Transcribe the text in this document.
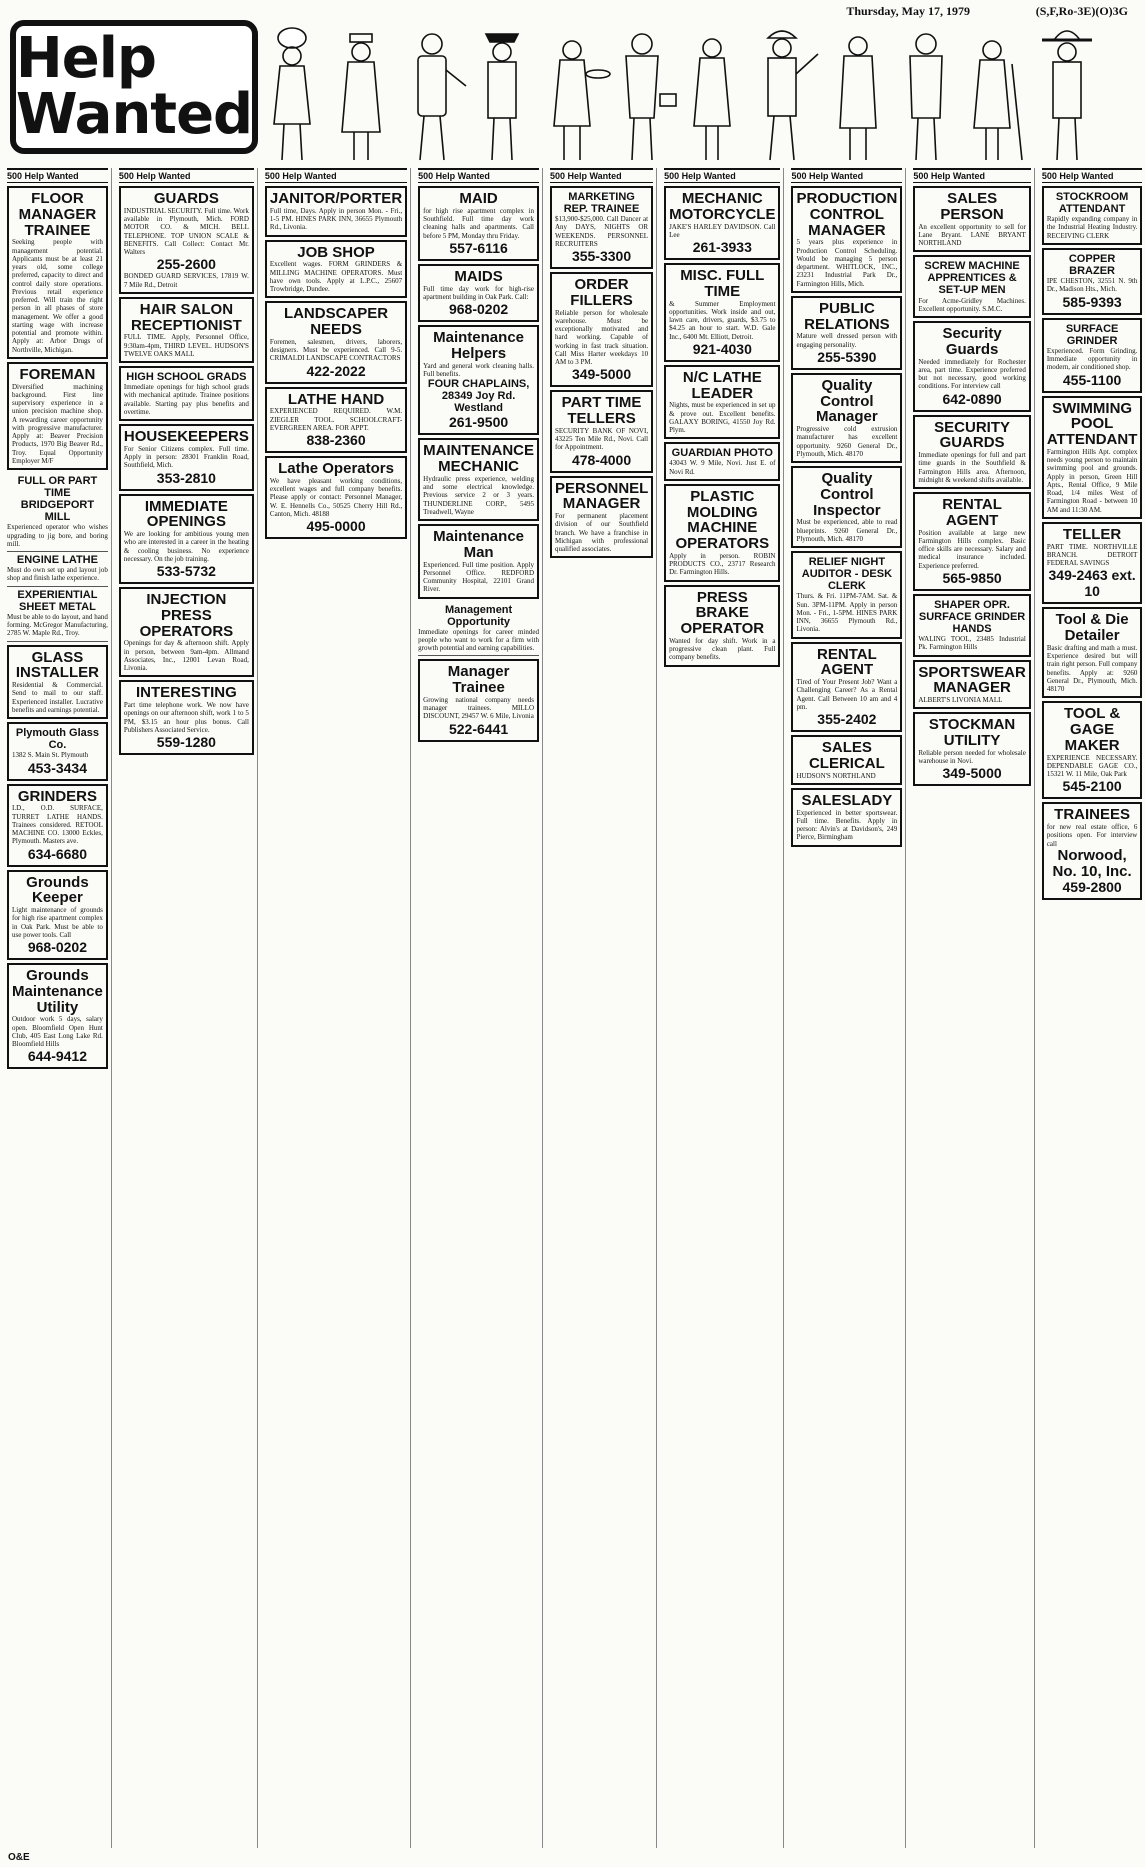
Help Wanted
Thursday, May 17, 1979	(S,F,Ro-3E)(O)3G
500 Help Wanted
FLOOR MANAGER TRAINEE
Seeking people with management potential. Applicants must be at least 21 years old, some college preferred, capacity to direct and control daily store operations. Previous retail experience preferred. Will train the right person in all phases of store management. We offer a good starting wage with increase potential and promote within. Apply at: Arbor Drugs of Northville, Michigan.
FOREMAN
Diversified machining background. First line supervisory experience in a union precision machine shop. A rewarding career opportunity with progressive manufacturer. Apply at: Beaver Precision Products, 1970 Big Beaver Rd., Troy. Equal Opportunity Employer M/F
FULL OR PART TIME BRIDGEPORT MILL
Experienced operator who wishes upgrading to jig bore, and boring mill.
ENGINE LATHE
Must do own set up and layout job shop and finish lathe experience.
EXPERIENTIAL SHEET METAL
Must be able to do layout, and hand forming. McGregor Manufacturing, 2785 W. Maple Rd., Troy.
GLASS INSTALLER
Residential & Commercial. Send to mail to our staff. Experienced installer. Lucrative benefits and earnings potential.
Plymouth Glass Co.
1382 S. Main St. Plymouth
453-3434
GRINDERS
I.D., O.D. SURFACE, TURRET LATHE HANDS. Trainees considered. RETOOL MACHINE CO. 13000 Eckles, Plymouth. Masters ave.
634-6680
Grounds Keeper
Light maintenance of grounds for high rise apartment complex in Oak Park. Must be able to use power tools. Call
968-0202
Grounds Maintenance Utility
Outdoor work 5 days, salary open. Bloomfield Open Hunt Club, 405 East Long Lake Rd. Bloomfield Hills
644-9412
500 Help Wanted
GUARDS
INDUSTRIAL SECURITY. Full time. Work available in Plymouth, Mich. FORD MOTOR CO. & MICH. BELL TELEPHONE. TOP UNION SCALE & BENEFITS. Call Collect: Contact Mr. Walters
255-2600
BONDED GUARD SERVICES, 17819 W. 7 Mile Rd., Detroit
HAIR SALON RECEPTIONIST
FULL TIME. Apply, Personnel Office, 9:30am-4pm, THIRD LEVEL. HUDSON'S TWELVE OAKS MALL
HIGH SCHOOL GRADS
Immediate openings for high school grads with mechanical aptitude. Trainee positions available. Starting pay plus benefits and overtime.
HOUSEKEEPERS
For Senior Citizens complex. Full time. Apply in person: 28301 Franklin Road, Southfield, Mich.
353-2810
IMMEDIATE OPENINGS
We are looking for ambitious young men who are interested in a career in the heating & cooling business. No experience necessary. On the job training.
533-5732
INJECTION PRESS OPERATORS
Openings for day & afternoon shift. Apply in person, between 9am-4pm. Allmand Associates, Inc., 12001 Levan Road, Livonia.
INTERESTING
Part time telephone work. We now have openings on our afternoon shift, work 1 to 5 PM, $3.15 an hour plus bonus. Call Publishers Associated Service.
559-1280
500 Help Wanted
JANITOR/PORTER
Full time, Days. Apply in person Mon. - Fri., 1-5 PM. HINES PARK INN, 36655 Plymouth Rd., Livonia.
JOB SHOP
Excellent wages. FORM GRINDERS & MILLING MACHINE OPERATORS. Must have own tools. Apply at L.P.C., 25607 Trowbridge, Dundee.
LANDSCAPER NEEDS
Foremen, salesmen, drivers, laborers, designers. Must be experienced. Call 9-5. CRIMALDI LANDSCAPE CONTRACTORS
422-2022
LATHE HAND
EXPERIENCED REQUIRED. W.M. ZIEGLER TOOL. SCHOOLCRAFT-EVERGREEN AREA. FOR APPT.
838-2360
Lathe Operators
We have pleasant working conditions, excellent wages and full company benefits. Please apply or contact: Personnel Manager, W. E. Hennells Co., 50525 Cherry Hill Rd., Canton, Mich. 48188
495-0000
500 Help Wanted
MAID
for high rise apartment complex in Southfield. Full time day work cleaning halls and apartments. Call before 5 PM, Monday thru Friday.
557-6116
MAIDS
Full time day work for high-rise apartment building in Oak Park. Call:
968-0202
Maintenance Helpers
Yard and general work cleaning halls. Full benefits.
FOUR CHAPLAINS, 28349 Joy Rd. Westland
261-9500
MAINTENANCE MECHANIC
Hydraulic press experience, welding and some electrical knowledge. Previous service 2 or 3 years. THUNDERLINE CORP., 5495 Treadwell, Wayne
Maintenance Man
Experienced. Full time position. Apply Personnel Office. REDFORD Community Hospital, 22101 Grand River.
Management Opportunity
Immediate openings for career minded people who want to work for a firm with growth potential and earning capabilities.
Manager Trainee
Growing national company needs manager trainees. MILLO DISCOUNT, 29457 W. 6 Mile, Livonia
522-6441
500 Help Wanted
MARKETING REP. TRAINEE
$13,900-$25,000. Call Dancer at Any DAYS, NIGHTS OR WEEKENDS. PERSONNEL RECRUITERS
355-3300
ORDER FILLERS
Reliable person for wholesale warehouse. Must be exceptionally motivated and hard working. Capable of working in fast track situation. Call Miss Harter weekdays 10 AM to 3 PM.
349-5000
PART TIME TELLERS
SECURITY BANK OF NOVI, 43225 Ten Mile Rd., Novi. Call for Appointment.
478-4000
PERSONNEL MANAGER
For permanent placement division of our Southfield branch. We have a franchise in Michigan with professional qualified associates.
500 Help Wanted
MECHANIC MOTORCYCLE
JAKE'S HARLEY DAVIDSON. Call Lee
261-3933
MISC. FULL TIME
& Summer Employment opportunities. Work inside and out, lawn care, drivers, guards, $3.75 to $4.25 an hour to start. W.D. Gale Inc., 6400 Mt. Elliott, Detroit.
921-4030
N/C LATHE LEADER
Nights, must be experienced in set up & prove out. Excellent benefits. GALAXY BORING, 41550 Joy Rd. Plym.
GUARDIAN PHOTO
43043 W. 9 Mile, Novi. Just E. of Novi Rd.
PLASTIC MOLDING MACHINE OPERATORS
Apply in person. ROBIN PRODUCTS CO., 23717 Research Dr. Farmington Hills.
PRESS BRAKE OPERATOR
Wanted for day shift. Work in a progressive clean plant. Full company benefits.
500 Help Wanted
PRODUCTION CONTROL MANAGER
5 years plus experience in Production Control Scheduling. Would be managing 5 person department. WHITLOCK, INC., 23231 Industrial Park Dr., Farmington Hills, Mich.
PUBLIC RELATIONS
Mature well dressed person with engaging personality.
255-5390
Quality Control Manager
Progressive cold extrusion manufacturer has excellent opportunity. 9260 General Dr., Plymouth, Mich. 48170
Quality Control Inspector
Must be experienced, able to read blueprints. 9260 General Dr., Plymouth, Mich. 48170
RELIEF NIGHT AUDITOR - DESK CLERK
Thurs. & Fri. 11PM-7AM. Sat. & Sun. 3PM-11PM. Apply in person Mon. - Fri., 1-5PM. HINES PARK INN, 36655 Plymouth Rd., Livonia.
RENTAL AGENT
Tired of Your Present Job? Want a Challenging Career? As a Rental Agent. Call Between 10 am and 4 pm.
355-2402
SALES CLERICAL
HUDSON'S NORTHLAND
SALESLADY
Experienced in better sportswear. Full time. Benefits. Apply in person: Alvin's at Davidson's, 249 Pierce, Birmingham
500 Help Wanted
SALES PERSON
An excellent opportunity to sell for Lane Bryant. LANE BRYANT NORTHLAND
SCREW MACHINE APPRENTICES & SET-UP MEN
For Acme-Gridley Machines. Excellent opportunity. S.M.C.
Security Guards
Needed immediately for Rochester area, part time. Experience preferred but not necessary, good working conditions. For interview call
642-0890
SECURITY GUARDS
Immediate openings for full and part time guards in the Southfield & Farmington Hills area. Afternoon, midnight & weekend shifts available.
RENTAL AGENT
Position available at large new Farmington Hills complex. Basic office skills are necessary. Salary and medical insurance included. Experience preferred.
565-9850
SHAPER OPR. SURFACE GRINDER HANDS
WALING TOOL, 23485 Industrial Pk. Farmington Hills
SPORTSWEAR MANAGER
ALBERT'S LIVONIA MALL
STOCKMAN UTILITY
Reliable person needed for wholesale warehouse in Novi.
349-5000
500 Help Wanted
STOCKROOM ATTENDANT
Rapidly expanding company in the Industrial Heating Industry. RECEIVING CLERK
COPPER BRAZER
IPE CHESTON, 32551 N. 9th Dr., Madison Hts., Mich.
585-9393
SURFACE GRINDER
Experienced. Form Grinding. Immediate opportunity in modern, air conditioned shop.
455-1100
SWIMMING POOL ATTENDANT
Farmington Hills Apt. complex needs young person to maintain swimming pool and grounds. Apply in person, Green Hill Apts., Rental Office, 9 Mile Road, 1/4 miles West of Farmington Road - between 10 AM and 11:30 AM.
TELLER
PART TIME. NORTHVILLE BRANCH. DETROIT FEDERAL SAVINGS
349-2463 ext. 10
Tool & Die Detailer
Basic drafting and math a must. Experience desired but will train right person. Full company benefits. Apply at: 9260 General Dr., Plymouth, Mich. 48170
TOOL & GAGE MAKER
EXPERIENCE NECESSARY. DEPENDABLE GAGE CO., 15321 W. 11 Mile, Oak Park
545-2100
TRAINEES
for new real estate office, 6 positions open. For interview call
Norwood, No. 10, Inc.
459-2800
O&E
